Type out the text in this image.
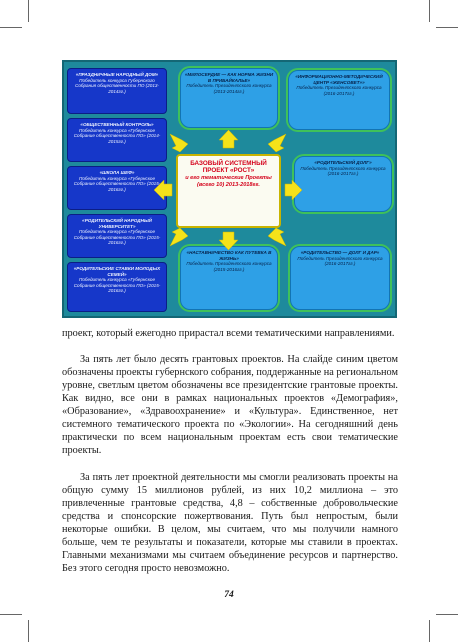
«ПРАЗДНИЧНЫЕ НАРОДНЫЙ ДОМ»
Победитель конкурса Губернского Собрания общественности ПО (2013-2014гг.)
«ОБЩЕСТВЕННЫЙ КОНТРОЛЬ»
Победитель конкурса «Губернское Собрание общественности ПО» (2014-2015гг.)
«ШКОЛА ШЕФ»
Победитель конкурса «Губернское Собрание общественности ПО» (2015-2016гг.)
«РОДИТЕЛЬСКИЙ НАРОДНЫЙ УНИВЕРСИТЕТ»
Победитель конкурса «Губернское Собрание общественности ПО» (2015-2016гг.)
«РОДИТЕЛЬСКИЕ СТАВКИ МОЛОДЫХ СЕМЕЙ»
Победитель конкурса «Губернское Собрание общественности ПО» (2015-2016гг.)
«МИЛОСЕРДИЕ — КАК НОРМА ЖИЗНИ В ПРИБАЙКАЛЬЕ»
Победитель Президентского конкурса (2013-2014гг.)
«ИНФОРМАЦИОННО-МЕТОДИЧЕСКИЙ ЦЕНТР «ЖЕНСОВЕТ»»
Победитель Президентского конкурса (2016-2017гг.)
«РОДИТЕЛЬСКИЙ ДОЛГ»
Победитель Президентского конкурса (2016-2017гг.)
«НАСТАВНИЧЕСТВО КАК ПУТЕВКА В ЖИЗНЬ»
Победитель Президентского конкурса (2015-2016гг.)
«РОДИТЕЛЬСТВО — ДОЛГ И ДАР»
Победитель Президентского конкурса (2016-2017гг.)
БАЗОВЫЙ СИСТЕМНЫЙ ПРОЕКТ «РОСТ»
и его тематические Проекты (всего 10) 2013-2018гг.
проект, который ежегодно прирастал всеми тематическими направлениями.
За пять лет было десять грантовых проектов. На слайде синим цветом обозначены проекты губернского собрания, поддержанные на региональном уровне, светлым цветом обозначены все президентские грантовые проекты. Как видно, все они в рамках национальных проектов «Демография», «Образование», «Здравоохранение» и «Культура». Единственное, нет системного тематического проекта по «Экологии». На сегодняшний день практически по всем национальным проектам есть свои тематические проекты.
За пять лет проектной деятельности мы смогли реализовать проекты на общую сумму 15 миллионов рублей, из них 10,2 миллиона – это привлеченные грантовые средства, 4,8 – собственные добровольческие средства и спонсорские пожертвования. Путь был непростым, были некоторые ошибки. В целом, мы считаем, что мы получили намного больше, чем те результаты и показатели, которые мы ставили в проектах. Главными механизмами мы считаем объединение ресурсов и партнерство. Без этого сегодня просто невозможно.
74
